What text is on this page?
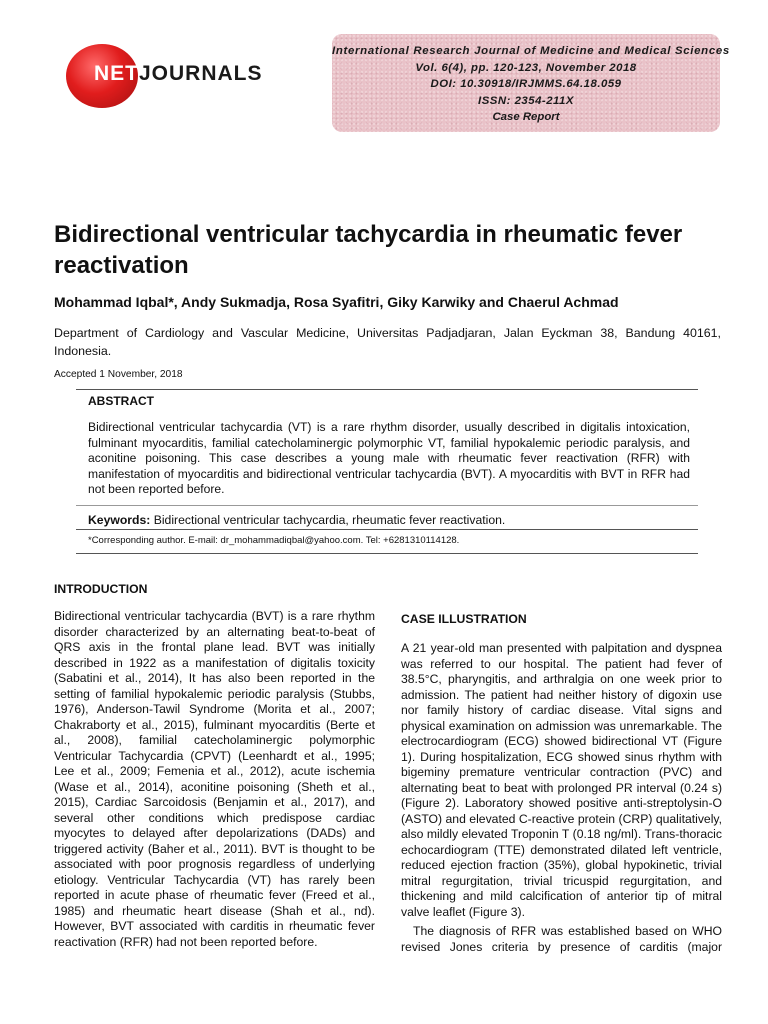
NETJOURNALS
International Research Journal of Medicine and Medical Sciences
Vol. 6(4), pp. 120-123, November 2018
DOI: 10.30918/IRJMMS.64.18.059
ISSN: 2354-211X
Case Report
Bidirectional ventricular tachycardia in rheumatic fever reactivation
Mohammad Iqbal*, Andy Sukmadja, Rosa Syafitri, Giky Karwiky and Chaerul Achmad
Department of Cardiology and Vascular Medicine, Universitas Padjadjaran, Jalan Eyckman 38, Bandung 40161, Indonesia.
Accepted 1 November, 2018
ABSTRACT

Bidirectional ventricular tachycardia (VT) is a rare rhythm disorder, usually described in digitalis intoxication, fulminant myocarditis, familial catecholaminergic polymorphic VT, familial hypokalemic periodic paralysis, and aconitine poisoning. This case describes a young male with rheumatic fever reactivation (RFR) with manifestation of myocarditis and bidirectional ventricular tachycardia (BVT). A myocarditis with BVT in RFR had not been reported before.

Keywords: Bidirectional ventricular tachycardia, rheumatic fever reactivation.
*Corresponding author. E-mail: dr_mohammadiqbal@yahoo.com. Tel: +6281310114128.
INTRODUCTION

Bidirectional ventricular tachycardia (BVT) is a rare rhythm disorder characterized by an alternating beat-to-beat of QRS axis in the frontal plane lead. BVT was initially described in 1922 as a manifestation of digitalis toxicity (Sabatini et al., 2014), It has also been reported in the setting of familial hypokalemic periodic paralysis (Stubbs, 1976), Anderson-Tawil Syndrome (Morita et al., 2007; Chakraborty et al., 2015), fulminant myocarditis (Berte et al., 2008), familial catecholaminergic polymorphic Ventricular Tachycardia (CPVT) (Leenhardt et al., 1995; Lee et al., 2009; Femenia et al., 2012), acute ischemia (Wase et al., 2014), aconitine poisoning (Sheth et al., 2015), Cardiac Sarcoidosis (Benjamin et al., 2017), and several other conditions which predispose cardiac myocytes to delayed after depolarizations (DADs) and triggered activity (Baher et al., 2011). BVT is thought to be associated with poor prognosis regardless of underlying etiology. Ventricular Tachycardia (VT) has rarely been reported in acute phase of rheumatic fever (Freed et al., 1985) and rheumatic heart disease (Shah et al., nd). However, BVT associated with carditis in rheumatic fever reactivation (RFR) had not been reported before.

CASE ILLUSTRATION

A 21 year-old man presented with palpitation and dyspnea was referred to our hospital. The patient had fever of 38.5°C, pharyngitis, and arthralgia on one week prior to admission. The patient had neither history of digoxin use nor family history of cardiac disease. Vital signs and physical examination on admission was unremarkable. The electrocardiogram (ECG) showed bidirectional VT (Figure 1). During hospitalization, ECG showed sinus rhythm with bigeminy premature ventricular contraction (PVC) and alternating beat to beat with prolonged PR interval (0.24 s) (Figure 2). Laboratory showed positive anti-streptolysin-O (ASTO) and elevated C-reactive protein (CRP) qualitatively, also mildly elevated Troponin T (0.18 ng/ml). Trans-thoracic echocardiogram (TTE) demonstrated dilated left ventricle, reduced ejection fraction (35%), global hypokinetic, trivial mitral regurgitation, trivial tricuspid regurgitation, and thickening and mild calcification of anterior tip of mitral valve leaflet (Figure 3).

The diagnosis of RFR was established based on WHO revised Jones criteria by presence of carditis (major
